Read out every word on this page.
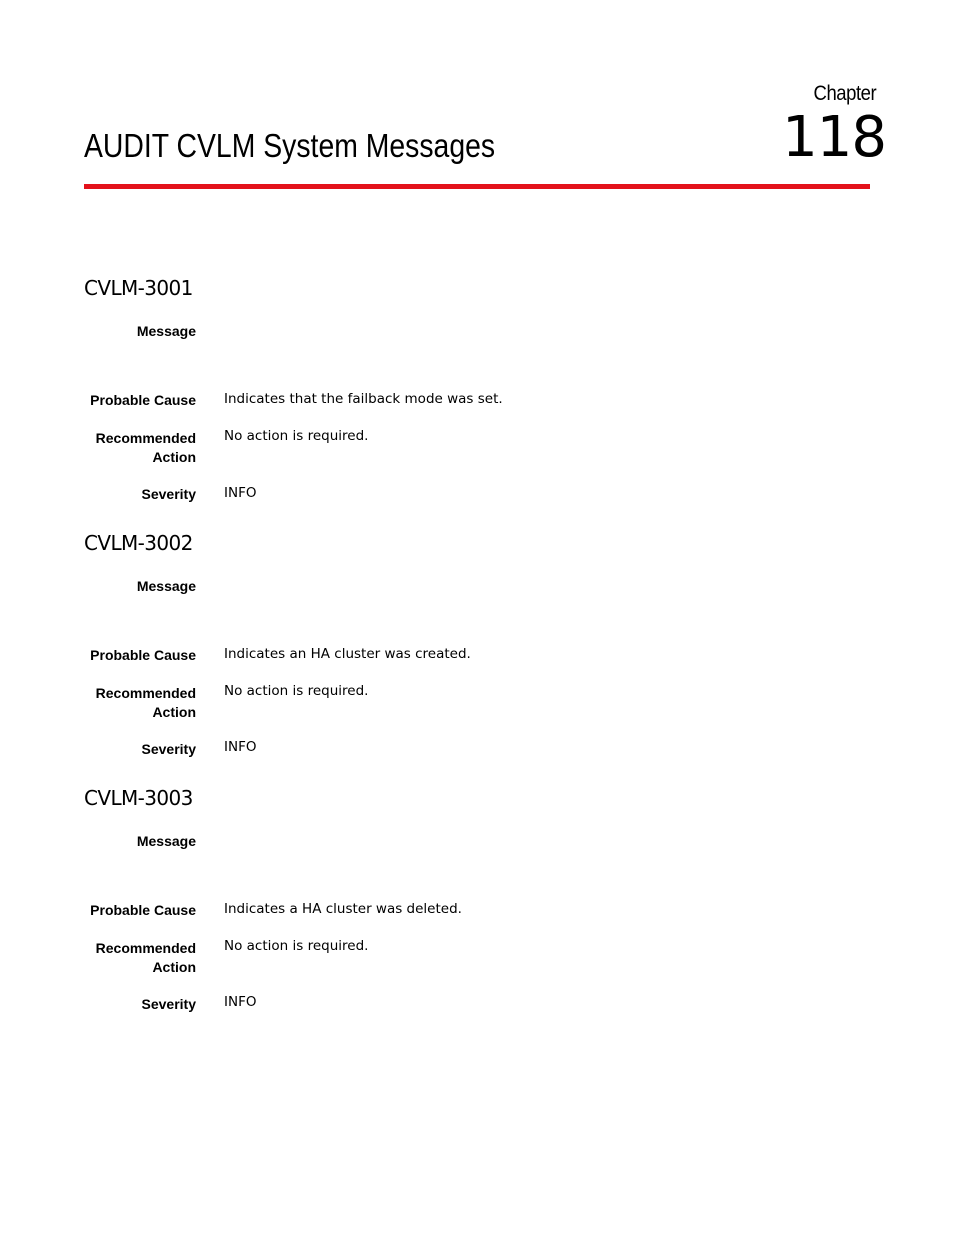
Chapter
118
AUDIT CVLM System Messages
CVLM-3001
Message
Probable Cause Indicates that the failback mode was set.
Recommended Action
No action is required.
Severity INFO
CVLM-3002
Message
Probable Cause Indicates an HA cluster was created.
Recommended Action
No action is required.
Severity INFO
CVLM-3003
Message
Probable Cause Indicates a HA cluster was deleted.
Recommended Action
No action is required.
Severity INFO
